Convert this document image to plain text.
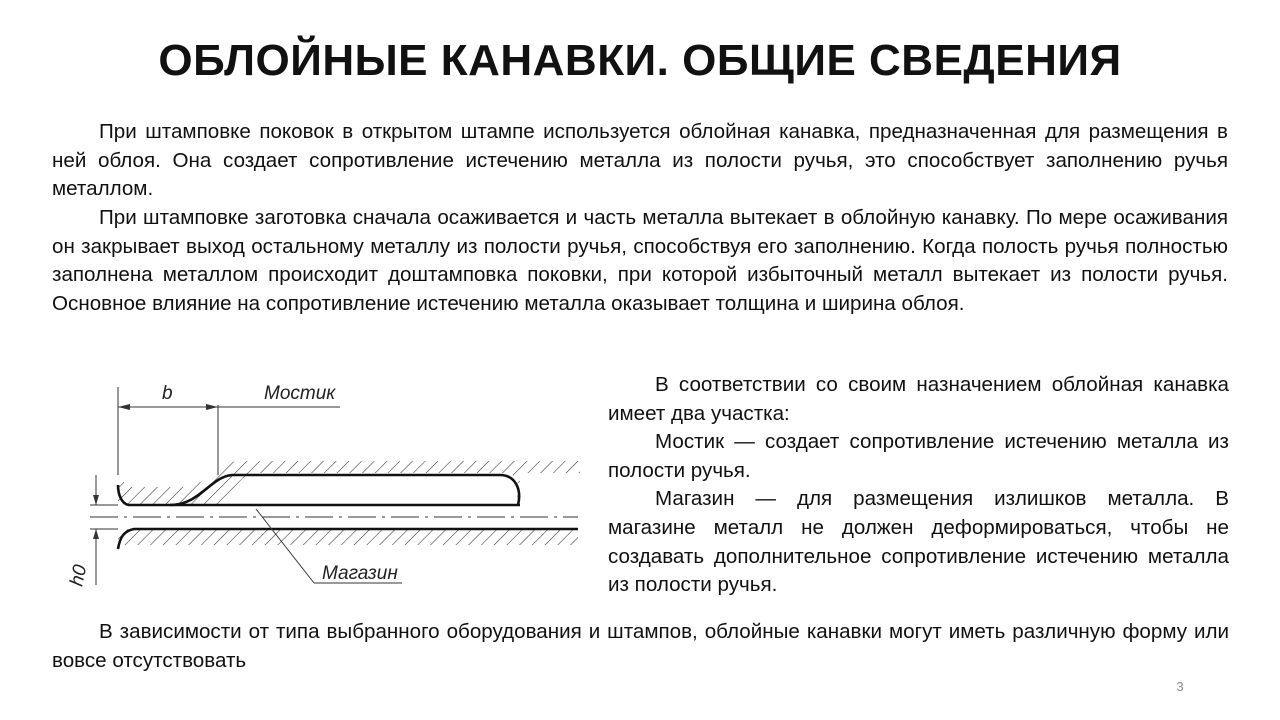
ОБЛОЙНЫЕ КАНАВКИ. ОБЩИЕ СВЕДЕНИЯ

При штамповке поковок в открытом штампе используется облойная канавка, предназначенная для размещения в ней облоя. Она создает сопротивление истечению металла из полости ручья, это способствует заполнению ручья металлом.

При штамповке заготовка сначала осаживается и часть металла вытекает в облойную канавку. По мере осаживания он закрывает выход остальному металлу из полости ручья, способствуя его заполнению. Когда полость ручья полностью заполнена металлом происходит доштамповка поковки, при которой избыточный металл вытекает из полости ручья. Основное влияние на сопротивление истечению металла оказывает толщина и ширина облоя.

b	Мостик
Магазин
h0

В соответствии со своим назначением облойная канавка имеет два участка:

Мостик — создает сопротивление истечению металла из полости ручья.

Магазин — для размещения излишков металла. В магазине металл не должен деформироваться, чтобы не создавать дополнительное сопротивление истечению металла из полости ручья.

В зависимости от типа выбранного оборудования и штампов, облойные канавки могут иметь различную форму или вовсе отсутствовать

3
